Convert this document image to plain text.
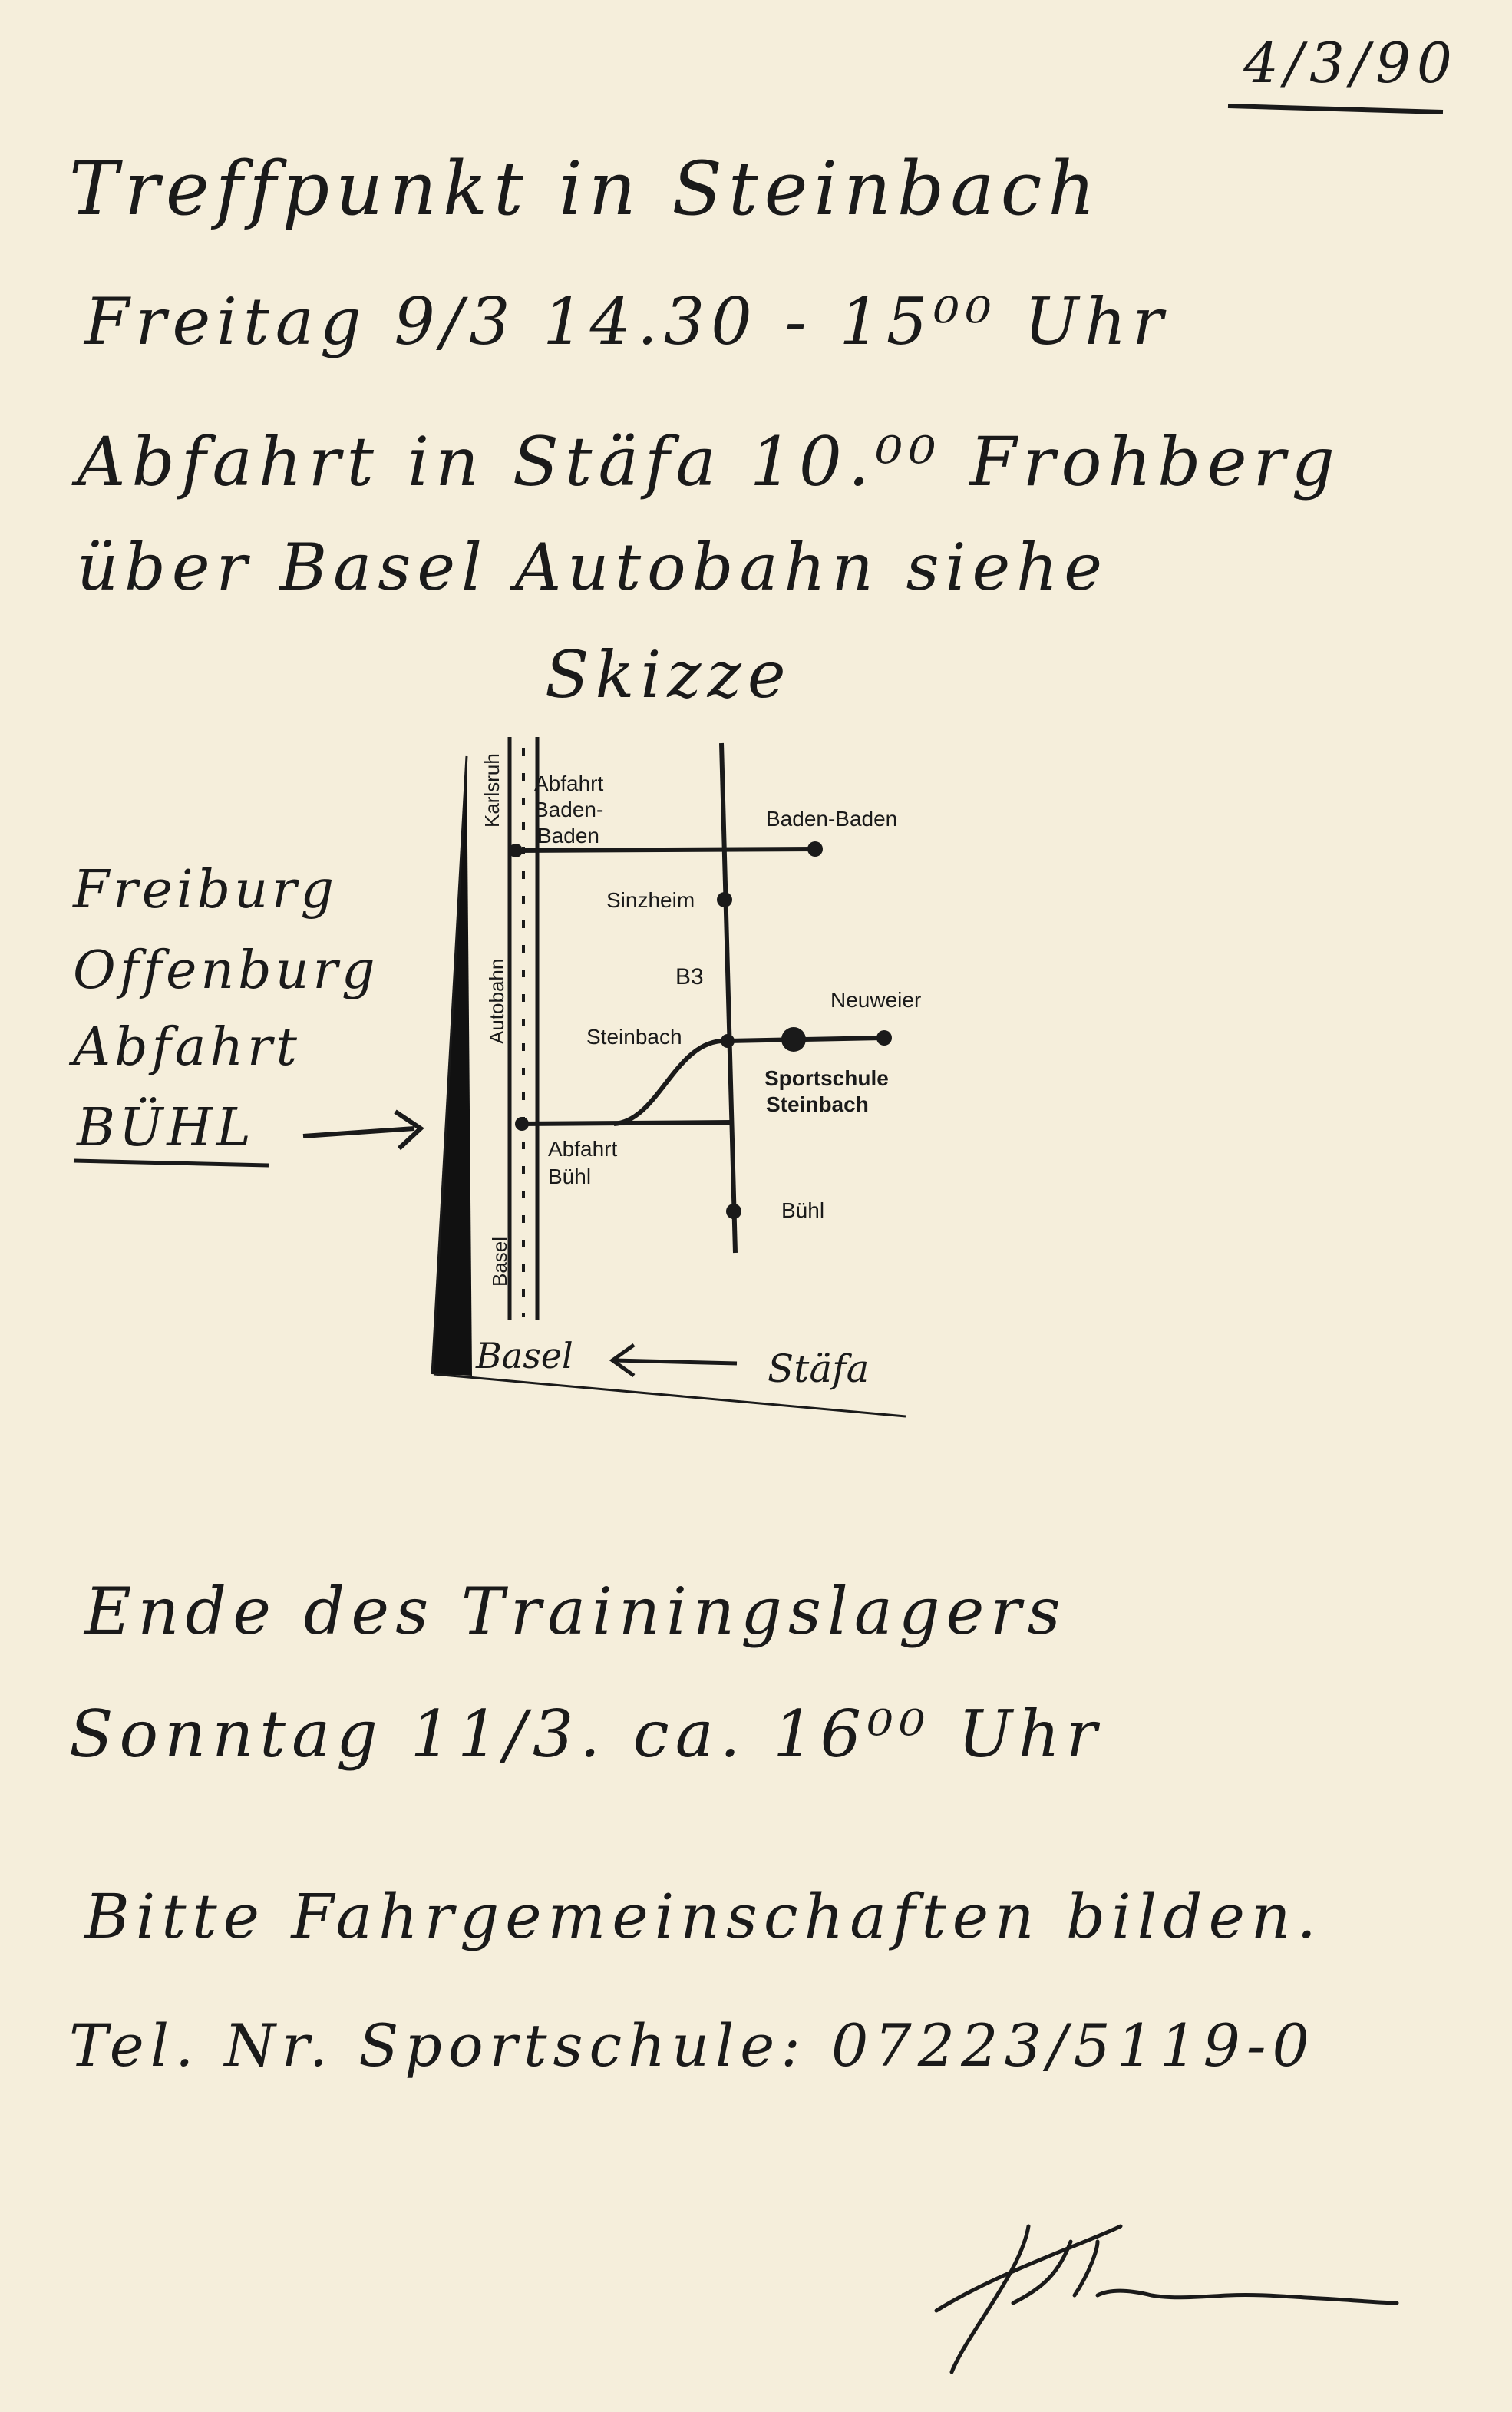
4/3/90
Treffpunkt in Steinbach
Freitag 9/3 14.30 - 15⁰⁰ Uhr
Abfahrt in Stäfa 10.⁰⁰ Frohberg
über Basel Autobahn siehe
Skizze
Freiburg
Offenburg
Abfahrt
BÜHL
Karlsruh Abfahrt
Baden-
Baden
Baden-Baden
Sinzheim
Autobahn	B3
Neuweier
Steinbach
Sportschule
Steinbach
Abfahrt
Bühl
Bühl
Basel
Basel	Stäfa
Ende des Trainingslagers
Sonntag 11/3. ca. 16⁰⁰ Uhr
Bitte Fahrgemeinschaften bilden.
Tel. Nr. Sportschule: 07223/5119-0
